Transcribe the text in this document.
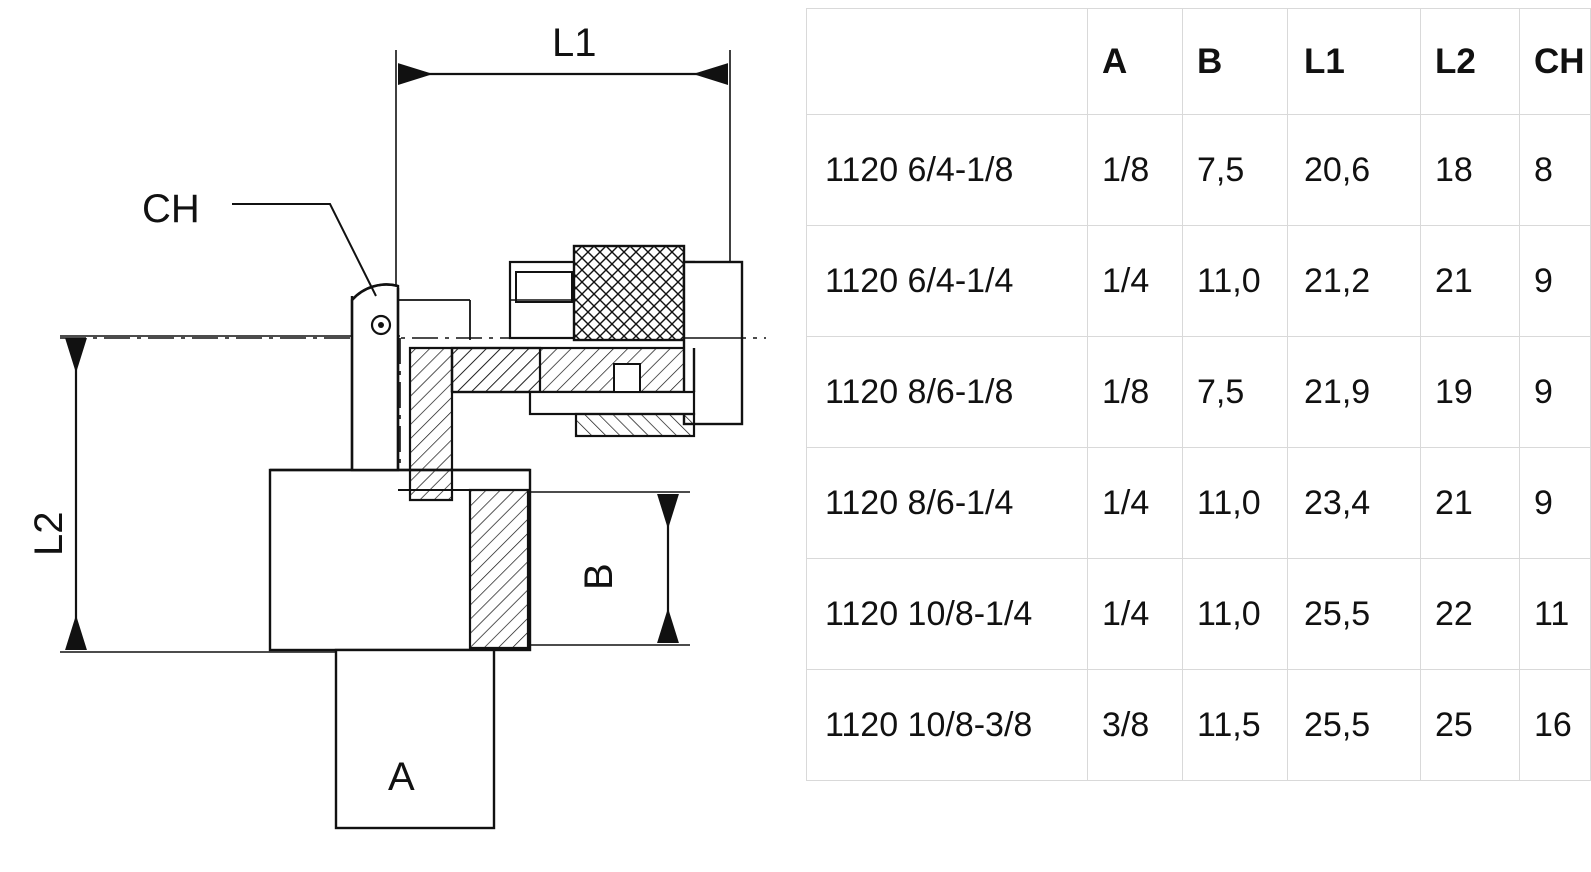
L1
L2
A
B
CH
	A	B	L1	L2	CH
1120 6/4-1/8	1/8	7,5	20,6	18	8
1120 6/4-1/4	1/4	11,0	21,2	21	9
1120 8/6-1/8	1/8	7,5	21,9	19	9
1120 8/6-1/4	1/4	11,0	23,4	21	9
1120 10/8-1/4	1/4	11,0	25,5	22	11
1120 10/8-3/8	3/8	11,5	25,5	25	16
